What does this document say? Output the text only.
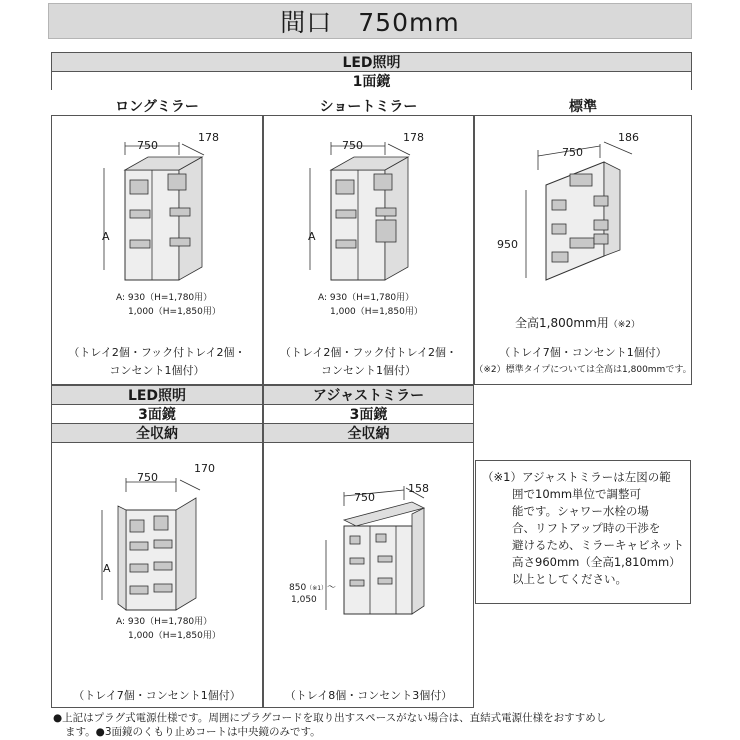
間口　750mm
LED照明
1面鏡
ロングミラー
750
178
A
A: 930（H=1,780用）
1,000（H=1,850用）
（トレイ2個・フック付トレイ2個・
コンセント1個付）
ショートミラー
750
178
A
A: 930（H=1,780用）
1,000（H=1,850用）
（トレイ2個・フック付トレイ2個・
コンセント1個付）
標準
750
186
950
全高1,800mm用（※2）
（トレイ7個・コンセント1個付）
（※2）標準タイプについては全高は1,800mmです。
LED照明
3面鏡
全収納
750
170
A
A: 930（H=1,780用）
1,000（H=1,850用）
（トレイ7個・コンセント1個付）
アジャストミラー
3面鏡
全収納
750
158
850（※1）〜
1,050
（トレイ8個・コンセント3個付）
（※1）アジャストミラーは左図の範
囲で10mm単位で調整可
能です。シャワー水栓の場
合、リフトアップ時の干渉を
避けるため、ミラーキャビネット
高さ960mm（全高1,810mm）
以上としてください。
●上記はプラグ式電源仕様です。周囲にプラグコードを取り出すスペースがない場合は、直結式電源仕様をおすすめし
ます。●3面鏡のくもり止めコートは中央鏡のみです。
